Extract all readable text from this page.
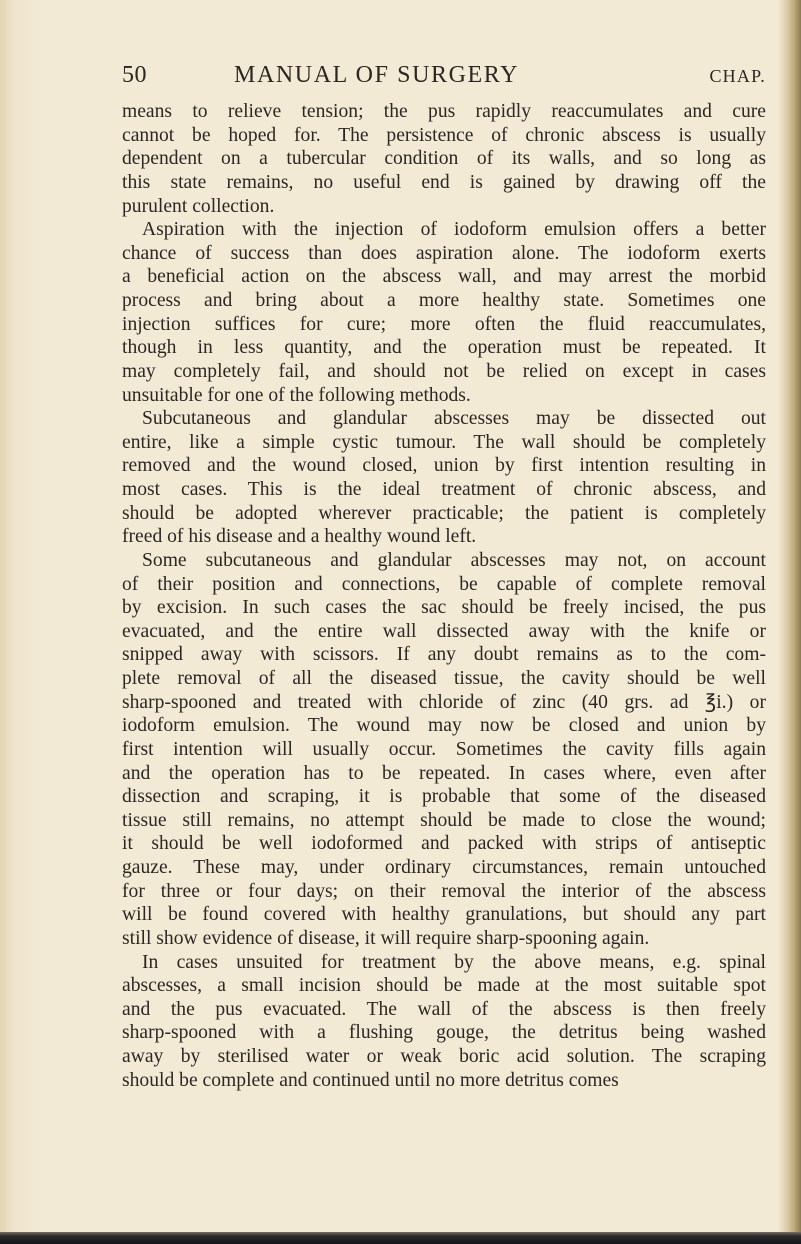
50	MANUAL OF SURGERY	CHAP.
means to relieve tension; the pus rapidly reaccumulates and cure
cannot be hoped for. The persistence of chronic abscess is usually
dependent on a tubercular condition of its walls, and so long as
this state remains, no useful end is gained by drawing off the
purulent collection.
Aspiration with the injection of iodoform emulsion offers a better
chance of success than does aspiration alone. The iodoform exerts
a beneficial action on the abscess wall, and may arrest the morbid
process and bring about a more healthy state. Sometimes one
injection suffices for cure; more often the fluid reaccumulates,
though in less quantity, and the operation must be repeated. It
may completely fail, and should not be relied on except in cases
unsuitable for one of the following methods.
Subcutaneous and glandular abscesses may be dissected out
entire, like a simple cystic tumour. The wall should be completely
removed and the wound closed, union by first intention resulting in
most cases. This is the ideal treatment of chronic abscess, and
should be adopted wherever practicable; the patient is completely
freed of his disease and a healthy wound left.
Some subcutaneous and glandular abscesses may not, on account
of their position and connections, be capable of complete removal
by excision. In such cases the sac should be freely incised, the pus
evacuated, and the entire wall dissected away with the knife or
snipped away with scissors. If any doubt remains as to the com-
plete removal of all the diseased tissue, the cavity should be well
sharp-spooned and treated with chloride of zinc (40 grs. ad ℥i.) or
iodoform emulsion. The wound may now be closed and union by
first intention will usually occur. Sometimes the cavity fills again
and the operation has to be repeated. In cases where, even after
dissection and scraping, it is probable that some of the diseased
tissue still remains, no attempt should be made to close the wound;
it should be well iodoformed and packed with strips of antiseptic
gauze. These may, under ordinary circumstances, remain untouched
for three or four days; on their removal the interior of the abscess
will be found covered with healthy granulations, but should any part
still show evidence of disease, it will require sharp-spooning again.
In cases unsuited for treatment by the above means, e.g. spinal
abscesses, a small incision should be made at the most suitable spot
and the pus evacuated. The wall of the abscess is then freely
sharp-spooned with a flushing gouge, the detritus being washed
away by sterilised water or weak boric acid solution. The scraping
should be complete and continued until no more detritus comes
